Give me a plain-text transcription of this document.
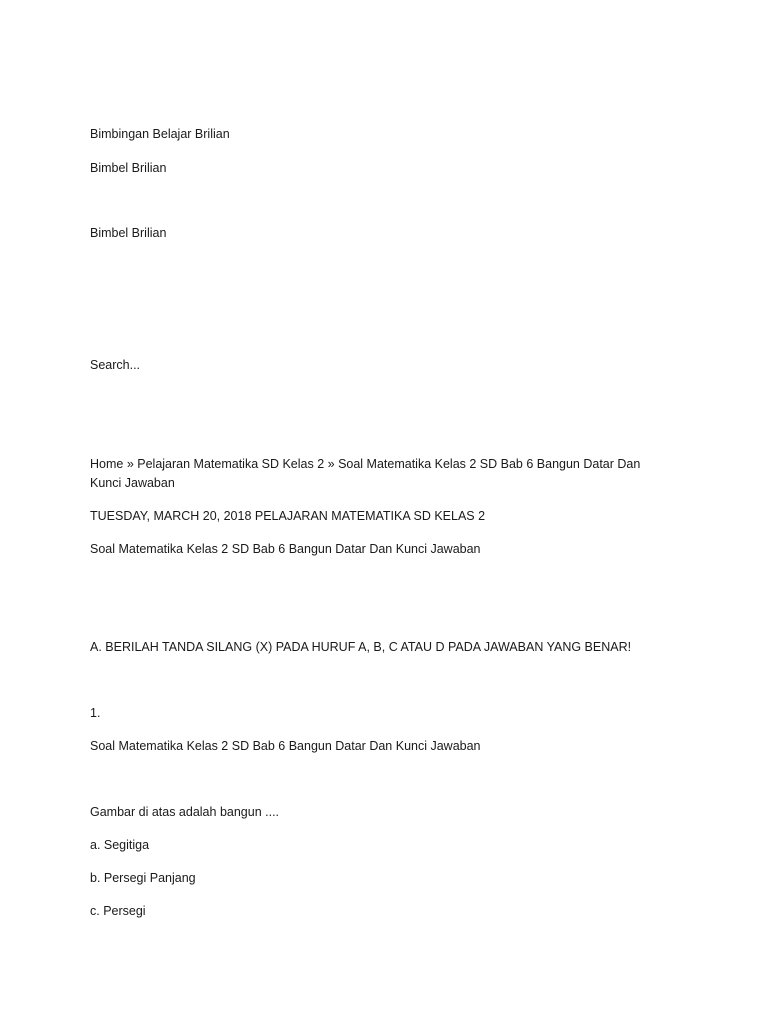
Bimbingan Belajar Brilian

Bimbel Brilian

Bimbel Brilian

Search...

Home » Pelajaran Matematika SD Kelas 2 » Soal Matematika Kelas 2 SD Bab 6 Bangun Datar Dan Kunci Jawaban

TUESDAY, MARCH 20, 2018 PELAJARAN MATEMATIKA SD KELAS 2

Soal Matematika Kelas 2 SD Bab 6 Bangun Datar Dan Kunci Jawaban

A. BERILAH TANDA SILANG (X) PADA HURUF A, B, C ATAU D PADA JAWABAN YANG BENAR!

1.

Soal Matematika Kelas 2 SD Bab 6 Bangun Datar Dan Kunci Jawaban

Gambar di atas adalah bangun ....

a. Segitiga

b. Persegi Panjang

c. Persegi
